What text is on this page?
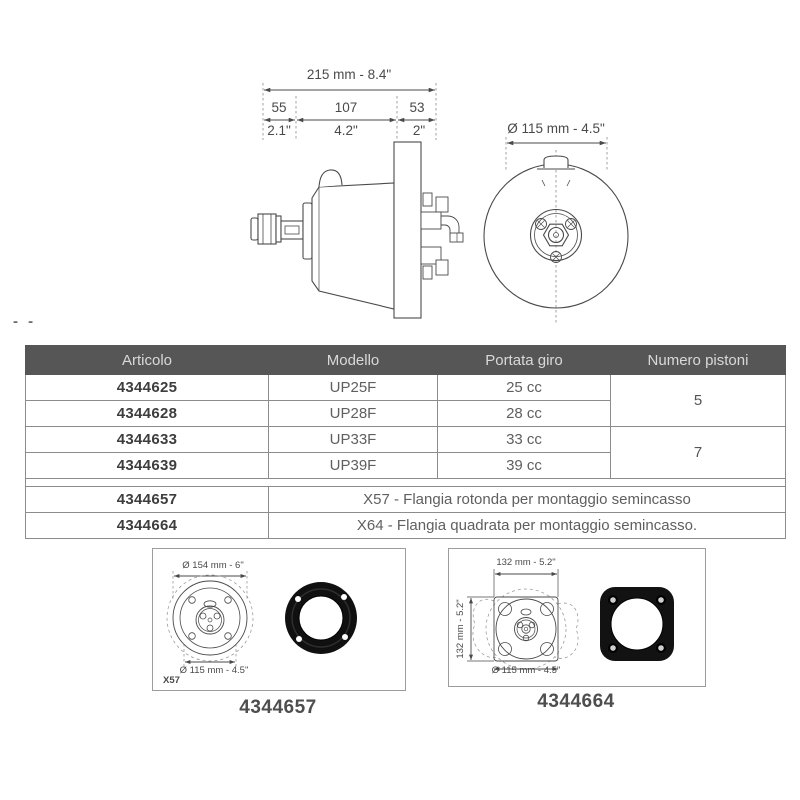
215 mm - 8.4"
55	107	53
2.1"	4.2"	2"	Ø 115 mm - 4.5"
- -
Articolo	Modello	Portata giro	Numero pistoni
4344625	UP25F	25 cc	5
4344628	UP28F	28 cc	
4344633	UP33F	33 cc	7
4344639	UP39F	39 cc	

4344657	X57 - Flangia rotonda per montaggio semincasso		
4344664	X64 - Flangia quadrata per montaggio semincasso.		
Ø 154 mm - 6"
Ø 115 mm - 4.5"
X57
4344657
132 mm - 5.2"
132 mm - 5.2"
Ø 115 mm - 4.5"
4344664
